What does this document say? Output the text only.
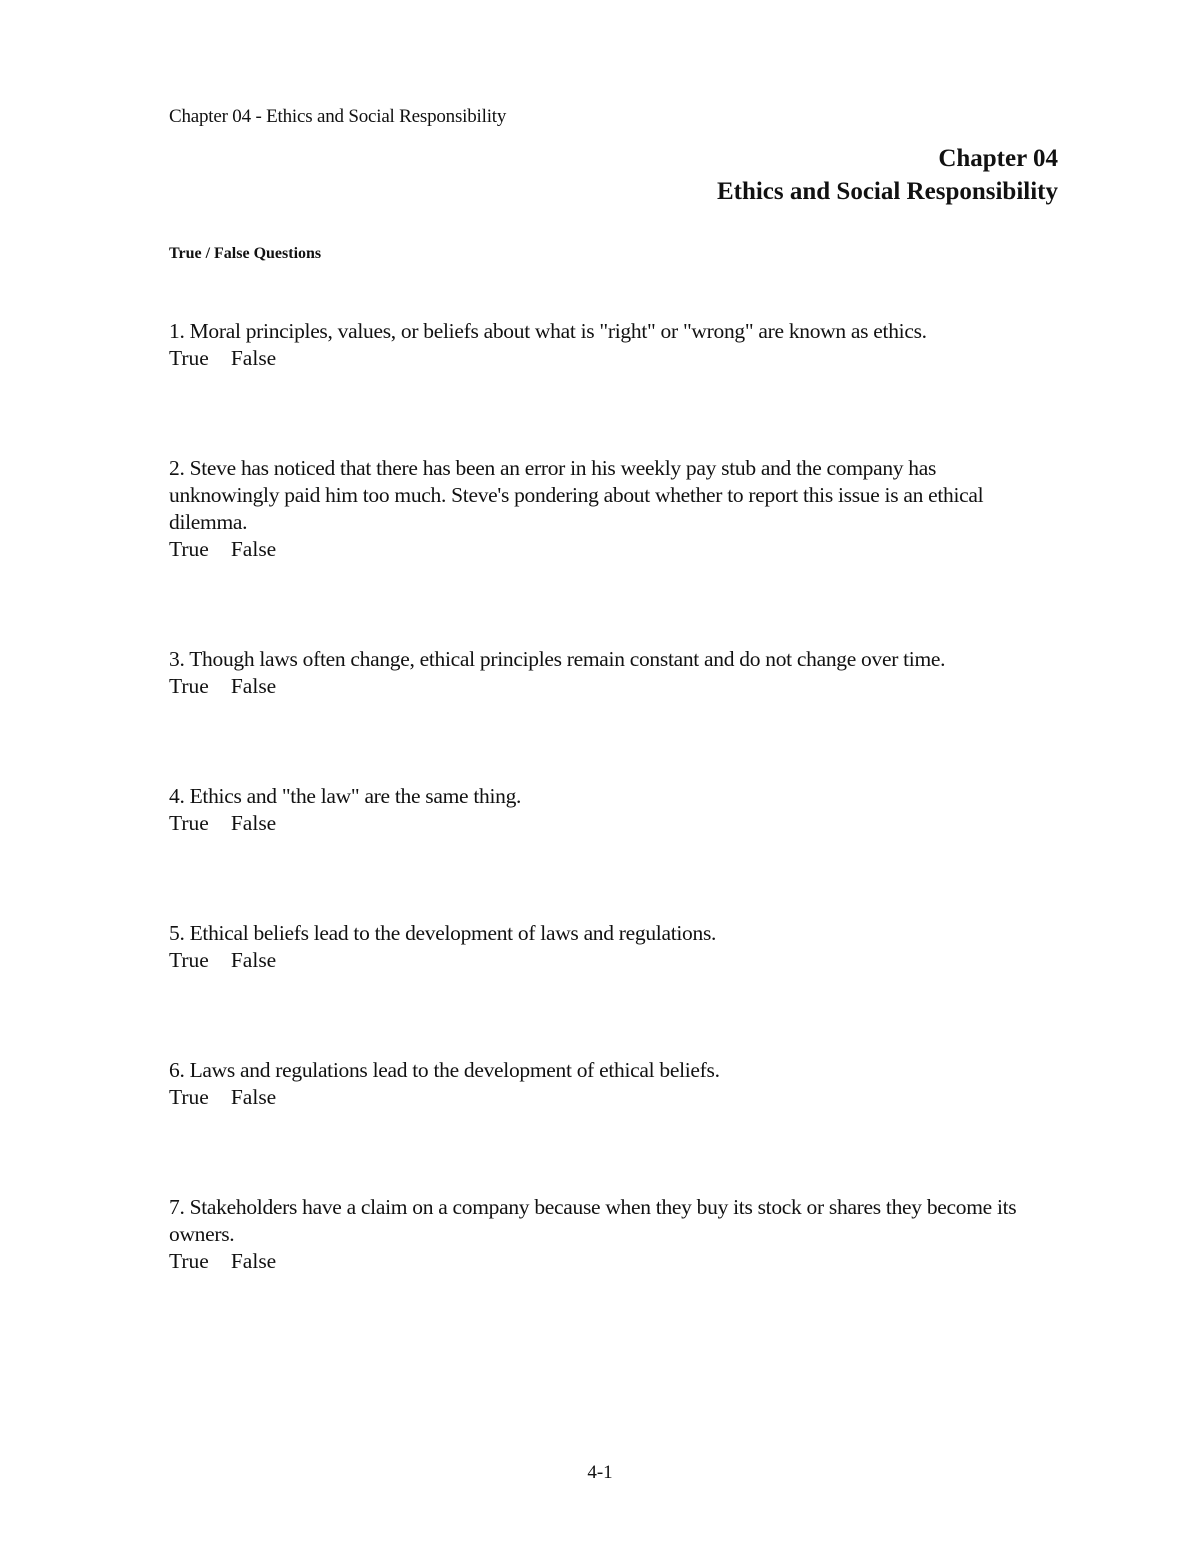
Chapter 04 - Ethics and Social Responsibility
Chapter 04
Ethics and Social Responsibility
True / False Questions
1. Moral principles, values, or beliefs about what is "right" or "wrong" are known as ethics.
True False
2. Steve has noticed that there has been an error in his weekly pay stub and the company has unknowingly paid him too much. Steve's pondering about whether to report this issue is an ethical dilemma.
True False
3. Though laws often change, ethical principles remain constant and do not change over time.
True False
4. Ethics and "the law" are the same thing.
True False
5. Ethical beliefs lead to the development of laws and regulations.
True False
6. Laws and regulations lead to the development of ethical beliefs.
True False
7. Stakeholders have a claim on a company because when they buy its stock or shares they become its owners.
True False
4-1
